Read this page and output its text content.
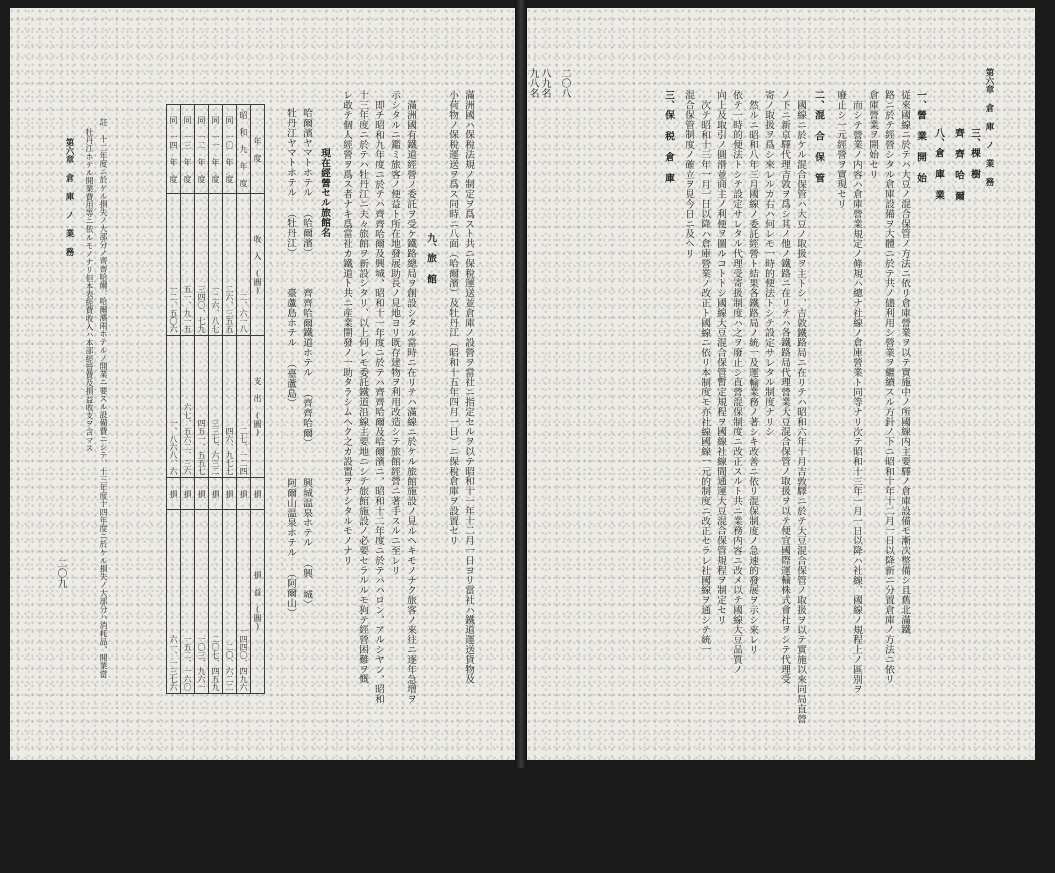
第六章 倉 庫 ノ 業 務
二〇八
八九名
九八名
三、棵 樹
齊 齊 哈 爾
八、倉 庫 業
一、營 業 開 始
従來國線ニ於テハ大豆ノ混合保管ノ方法ニ依リ倉庫營業ヲ以テ實施中ノ所國線内主要驛ノ倉庫設備モ漸次整備シ且舊北滿鐵
路ニ於テ經營シタル倉庫設備ヲ大體ニ於テ共ノ儘利用シ營業ヲ繼續スル方針ノ下ニ昭和十年十二月一日以降新ニ分置倉庫ノ方法ニ依リ
倉庫營業ヲ開始セリ
而シテ營業ノ内容ハ倉庫營業規定ノ條規ハ總ナ社線ノ倉庫營業ト同等ナリ次テ昭和十三年一月一日以降ハ社線、國線ノ規程上ノ區別ヲ
廢止シ一元經營ヲ實現セリ
二、混 合 保 管
國線ニ於ケル混合保管ハ大豆ノ取扱ヲ主トシ、吉敦鐵路局ニ在リテハ昭和六年十月吉敦驛ニ於テ大豆混合保管ノ取扱ヲ以テ實施以來同局直營
ノ下ニ新京驛代理吉敦ヲ爲シ其ノ他ノ鐵路ニ在リテハ各鐵路局代理營業大豆混合保管ノ取扱ヲ以テ便宜國際運輸株式會社ヲシテ代理受
寄ノ取扱ヲ爲シ來レルカ右ハ何レモ一時的便法トシテ設定サレタル制度ナリシ
然ルニ昭和八年三月國線ノ委託經營ト結果各鐵路局ノ統一及運輸業務ノ著シキ改善ニ依リ混保制度ノ急速的發展ヲ示シ來レリ
依テ一時的便法トシテ設定サレタル代理受寄扱制度ハ之ヲ廢止シ直營混保制度ニ改正スルト共ニ業務内容ニ改メ以テ國線大豆品質ノ
向上及取引ノ圓滑並商主ノ利便ヲ圖ルコトトシ國線大豆混合保管暫定規程ヲ國線社線間通運大豆混合保管規程ヲ制定セリ
次テ昭和十三年一月一日以降ハ倉庫營業ノ改正ト國線ニ依リ本制度モ亦社線國線一元的制度ニ改正セラレ社國線ヲ通シテ統一
混合保管制度ノ確立ヲ見今日ニ及ヘリ
三、保 税 倉 庫
滿洲國ハ保稅法規ノ制定ヲ爲スト共ニ保稅運送並倉庫ノ設營ヲ當社ニ指定セルヲ以テ昭和十一年十二月一日ヨリ當社ハ鐵道運送貨物及
小荷物ノ保稅運送ヲ爲ス同時ニ八面（哈爾濱）及牡丹江（昭和十五年四月一日）ニ保稅倉庫ヲ設置セリ
九、旅 館
滿洲國有鐵道經營ノ委託ヲ受ケ鐵路總局ヲ創設シタル當時ニ在リテハ滿線ニ於ケル旅館施設ノ見ルヘキモノナク旅客ノ來往ニ逐年急增ヲ
示シタルニ鑑ミ旅客ノ便益ト所在地發展助長ノ見地ヨリ既存建物ヲ利用改造シテ旅館經營ニ著手スルニ至レリ
即チ昭和九年度ニ於テハ齊齊哈爾及興城、昭和十一年度ニ於テハ齊齊哈爾及哈爾濱ニ、昭和十二年度ニ於テハハロン、アルシヤン、昭和
十三年度ニ於テハ牡丹江ニ夫々旅館ヲ新設シタリ、以上何レモ委託鐵道沿線主要地ニシテ旅館施設ノ必要セラルルモ狗テ經營困難ヲ慨
レ敢テ個人經營ヲ爲ス者ナキ爲當社カ鐵道ト共ニ産業開發ノ一助タラシムヘク之カ設置ヲナシタルモノナリ
現在經營セル旅館名
哈爾濱ヤマトホテル （哈爾濱）
牡丹江ヤマトホテル （牡丹江）
齊齊哈爾鐵道ホテル （齊齊哈爾）
臺蘆島ホテル （臺蘆島）
興城温泉ホテル （興 城）
阿爾山温泉ホテル （阿爾山）
年 度	收 入 (圓)	支 出 (圓)	損	損 益 (圓)
昭 和 九 年 度	二、六一八	二七、一二四	損	一四四〇、四九六
同 一〇 年 度	二六、三五五	四六、九七七	損	二〇、六二二
同 一一 年 度	一二六、八七	三三七、六三二	損	二〇七、四五九
同 一二 年 度	三四〇、七九	四五一、五五七	損	一〇三、九六一
同 一三 年 度	五一、九一五	六七、五六二、三六	損	一五二、一六〇
同 一四 年 度	一二、五〇六	一、八六八、六	損	六一、一三七六
註 十二年度ニ於ケル損失ノ大部分ノ齊齊哈爾、哈爾濱兩ホテルノ開業ニ要スル設備費ニシテ、十三年度十四年度ニ於ケル損失ノ大部分ハ消耗品、開業當
牡丹江ホテル開業費用等ニ依ルモノナリ但本表經費收入ハ本部經營費及損益收支ヲ含マス
第六章 倉 庫 ノ 業 務
二〇九
